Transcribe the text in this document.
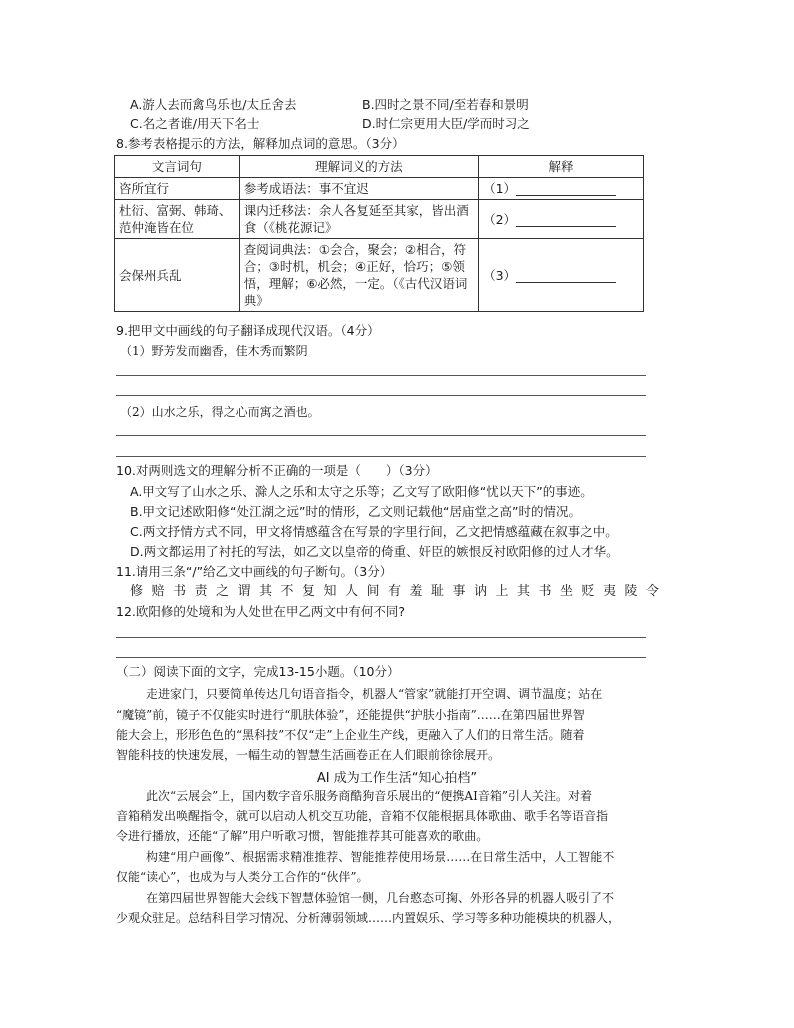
A.游人去而禽鸟乐也/太丘舍去	B.四时之景不同/至若春和景明
C.名之者谁/用天下名士	D.时仁宗更用大臣/学而时习之
8.参考表格提示的方法，解释加点词的意思。（3分）
文言词句	理解词义的方法	解释
咨所宜行	参考成语法：事不宜迟	（1）
杜衍、富弼、韩琦、范仲淹皆在位	课内迁移法：余人各复延至其家，皆出酒食（《桃花源记》	（2）
会保州兵乱	查阅词典法：①会合，聚会；②相合，符合；③时机，机会；④正好，恰巧；⑤领悟，理解；⑥必然，一定。（《古代汉语词典》	（3）
9.把甲文中画线的句子翻译成现代汉语。（4分）
（1）野芳发而幽香，佳木秀而繁阴
（2）山水之乐，得之心而寓之酒也。
10.对两则选文的理解分析不正确的一项是（　　）（3分）
A.甲文写了山水之乐、滁人之乐和太守之乐等；乙文写了欧阳修“忧以天下”的事迹。
B.甲文记述欧阳修“处江湖之远”时的情形，乙文则记载他“居庙堂之高”时的情况。
C.两文抒情方式不同，甲文将情感蕴含在写景的字里行间，乙文把情感蕴藏在叙事之中。
D.两文都运用了衬托的写法，如乙文以皇帝的倚重、奸臣的嫉恨反衬欧阳修的过人才华。
11.请用三条“/”给乙文中画线的句子断句。（3分）
修赔书责之谓其不复知人间有羞耻事讷上其书坐贬夷陵令
12.欧阳修的处境和为人处世在甲乙两文中有何不同?
（二）阅读下面的文字，完成13-15小题。（10分）
走进家门，只要简单传达几句语音指令，机器人“管家”就能打开空调、调节温度；站在
“魔镜”前，镜子不仅能实时进行“肌肤体验”，还能提供“护肤小指南”……在第四届世界智
能大会上，形形色色的“黑科技”不仅“走”上企业生产线，更融入了人们的日常生活。随着
智能科技的快速发展，一幅生动的智慧生活画卷正在人们眼前徐徐展开。
AI 成为工作生活“知心拍档”
此次“云展会”上，国内数字音乐服务商酷狗音乐展出的“便携AI音箱”引人关注。对着
音箱稍发出唤醒指令，就可以启动人机交互功能，音箱不仅能根据具体歌曲、歌手名等语音指
令进行播放，还能“了解”用户听歌习惯，智能推荐其可能喜欢的歌曲。
构建“用户画像”、根据需求精准推荐、智能推荐使用场景……在日常生活中，人工智能不
仅能“读心”，也成为与人类分工合作的“伙伴”。
在第四届世界智能大会线下智慧体验馆一侧，几台憨态可掬、外形各异的机器人吸引了不
少观众驻足。总结科目学习情况、分析薄弱领域……内置娱乐、学习等多种功能模块的机器人，
